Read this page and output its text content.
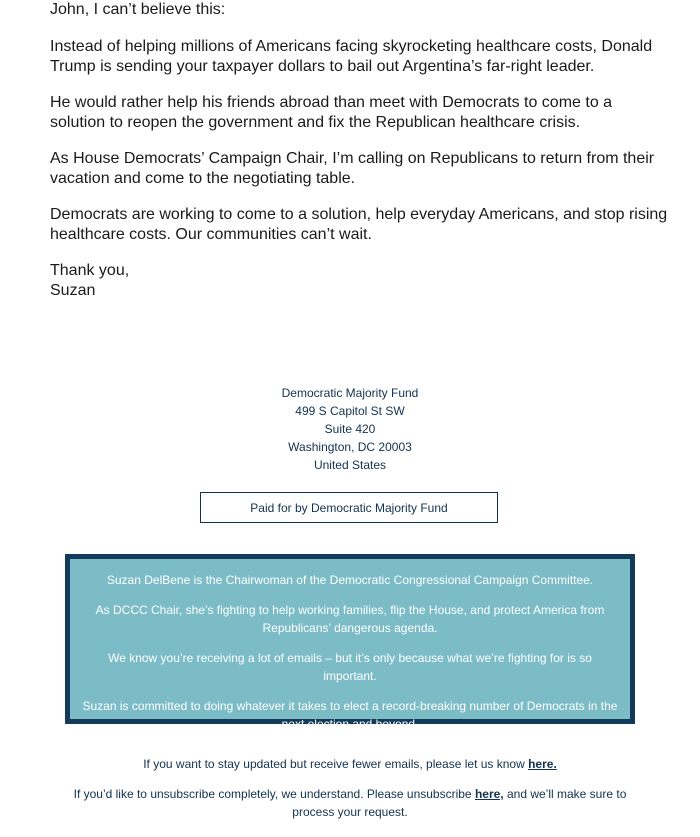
John, I can’t believe this:

Instead of helping millions of Americans facing skyrocketing healthcare costs, Donald Trump is sending your taxpayer dollars to bail out Argentina’s far-right leader.

He would rather help his friends abroad than meet with Democrats to come to a solution to reopen the government and fix the Republican healthcare crisis.

As House Democrats’ Campaign Chair, I’m calling on Republicans to return from their vacation and come to the negotiating table.

Democrats are working to come to a solution, help everyday Americans, and stop rising healthcare costs. Our communities can’t wait.

Thank you,

Suzan

Democratic Majority Fund
499 S Capitol St SW
Suite 420
Washington, DC 20003
United States
Paid for by Democratic Majority Fund

Suzan DelBene is the Chairwoman of the Democratic Congressional Campaign Committee.

As DCCC Chair, she’s fighting to help working families, flip the House, and protect America from Republicans’ dangerous agenda.

We know you’re receiving a lot of emails – but it’s only because what we’re fighting for is so important.

Suzan is committed to doing whatever it takes to elect a record-breaking number of Democrats in the next election and beyond.

If you want to stay updated but receive fewer emails, please let us know here.
If you’d like to unsubscribe completely, we understand. Please unsubscribe here, and we’ll make sure to process your request.
